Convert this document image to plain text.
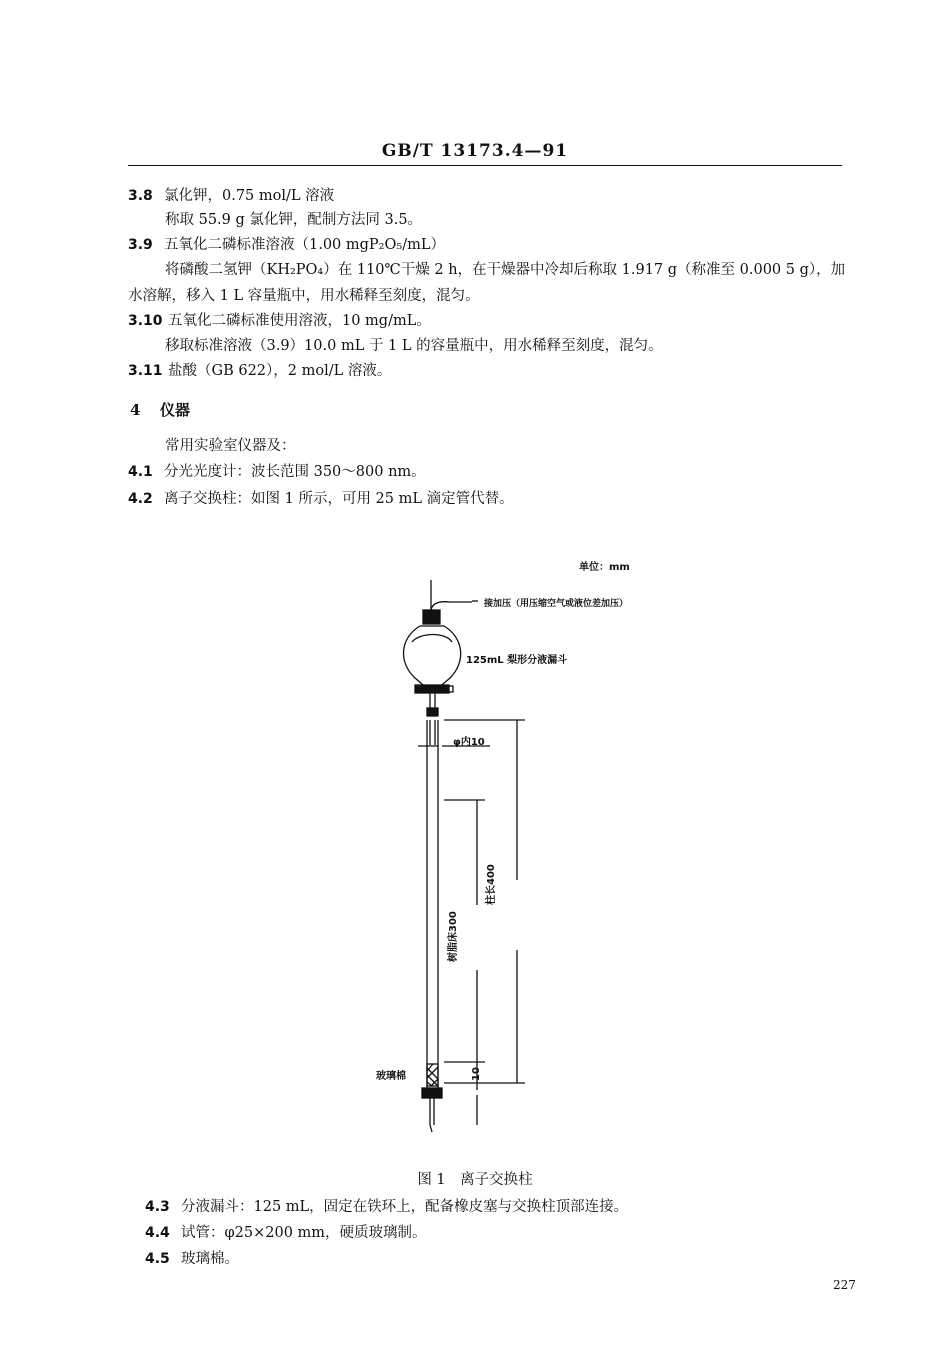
GB/T 13173.4—91
3.8 氯化钾，0.75 mol/L 溶液
称取 55.9 g 氯化钾，配制方法同 3.5。
3.9 五氧化二磷标准溶液（1.00 mgP₂O₅/mL）
将磷酸二氢钾（KH₂PO₄）在 110℃干燥 2 h，在干燥器中冷却后称取 1.917 g（称准至 0.000 5 g），加水溶解，移入 1 L 容量瓶中，用水稀释至刻度，混匀。
3.10 五氧化二磷标准使用溶液，10 mg/mL。
移取标准溶液（3.9）10.0 mL 于 1 L 的容量瓶中，用水稀释至刻度，混匀。
3.11 盐酸（GB 622），2 mol/L 溶液。
4 仪器
常用实验室仪器及：
4.1 分光光度计：波长范围 350～800 nm。
4.2 离子交换柱：如图 1 所示，可用 25 mL 滴定管代替。
单位：mm
接加压（用压缩空气或液位差加压）
125mL 梨形分液漏斗
φ内10
柱长400
树脂床300
10
玻璃棉
图 1　离子交换柱
4.3 分液漏斗：125 mL，固定在铁环上，配备橡皮塞与交换柱顶部连接。
4.4 试管：φ25×200 mm，硬质玻璃制。
4.5 玻璃棉。
227
